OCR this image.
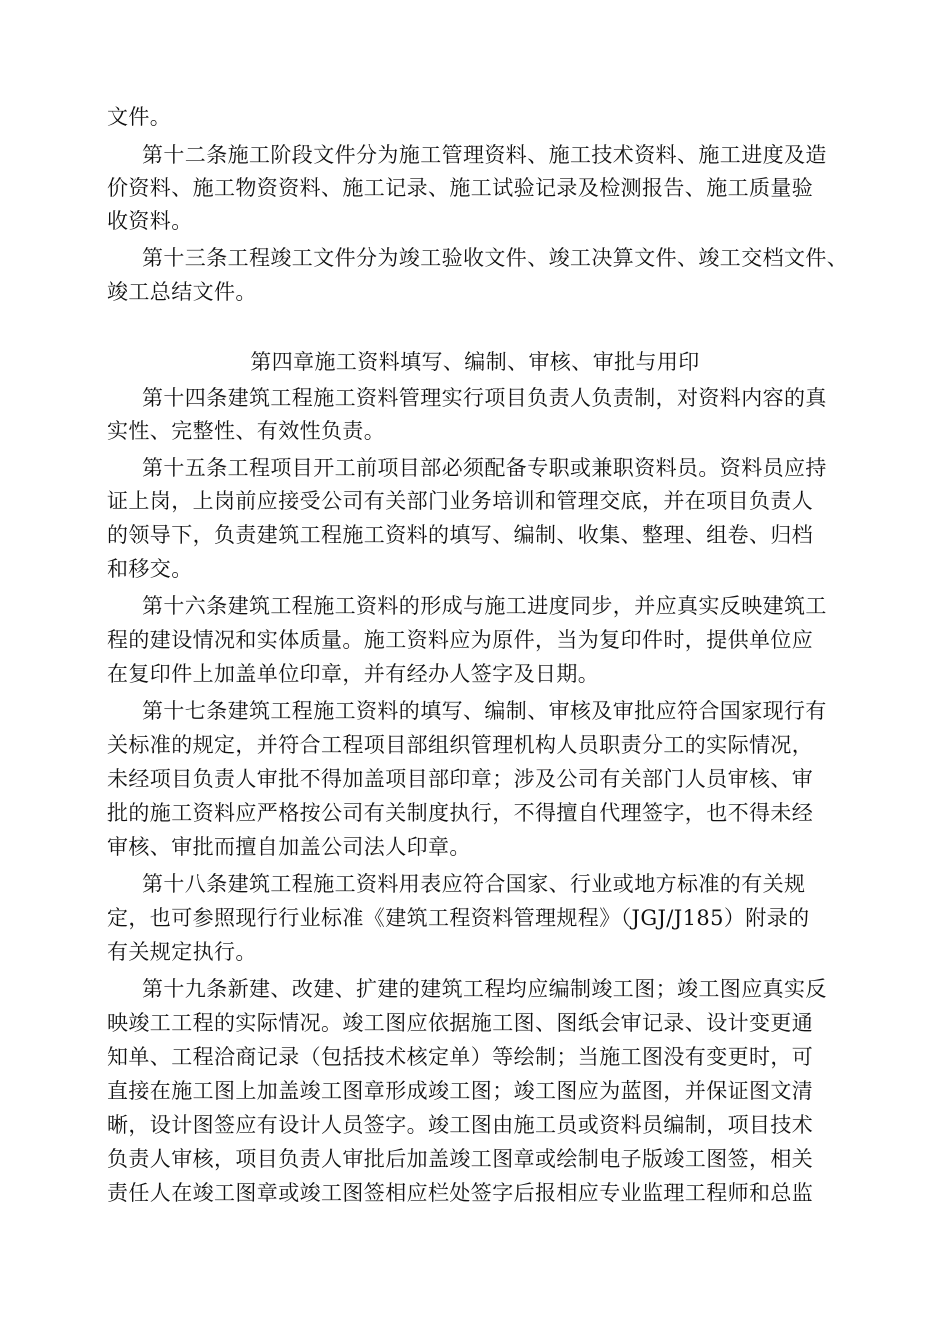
文件。
第十二条施工阶段文件分为施工管理资料、施工技术资料、施工进度及造
价资料、施工物资资料、施工记录、施工试验记录及检测报告、施工质量验
收资料。
第十三条工程竣工文件分为竣工验收文件、竣工决算文件、竣工交档文件、
竣工总结文件。
第四章施工资料填写、编制、审核、审批与用印
第十四条建筑工程施工资料管理实行项目负责人负责制，对资料内容的真
实性、完整性、有效性负责。
第十五条工程项目开工前项目部必须配备专职或兼职资料员。资料员应持
证上岗，上岗前应接受公司有关部门业务培训和管理交底，并在项目负责人
的领导下，负责建筑工程施工资料的填写、编制、收集、整理、组卷、归档
和移交。
第十六条建筑工程施工资料的形成与施工进度同步，并应真实反映建筑工
程的建设情况和实体质量。施工资料应为原件，当为复印件时，提供单位应
在复印件上加盖单位印章，并有经办人签字及日期。
第十七条建筑工程施工资料的填写、编制、审核及审批应符合国家现行有
关标准的规定，并符合工程项目部组织管理机构人员职责分工的实际情况，
未经项目负责人审批不得加盖项目部印章；涉及公司有关部门人员审核、审
批的施工资料应严格按公司有关制度执行，不得擅自代理签字，也不得未经
审核、审批而擅自加盖公司法人印章。
第十八条建筑工程施工资料用表应符合国家、行业或地方标准的有关规
定，也可参照现行行业标准《建筑工程资料管理规程》（JGJ/J185）附录的
有关规定执行。
第十九条新建、改建、扩建的建筑工程均应编制竣工图；竣工图应真实反
映竣工工程的实际情况。竣工图应依据施工图、图纸会审记录、设计变更通
知单、工程洽商记录（包括技术核定单）等绘制；当施工图没有变更时，可
直接在施工图上加盖竣工图章形成竣工图；竣工图应为蓝图，并保证图文清
晰，设计图签应有设计人员签字。竣工图由施工员或资料员编制，项目技术
负责人审核，项目负责人审批后加盖竣工图章或绘制电子版竣工图签，相关
责任人在竣工图章或竣工图签相应栏处签字后报相应专业监理工程师和总监
